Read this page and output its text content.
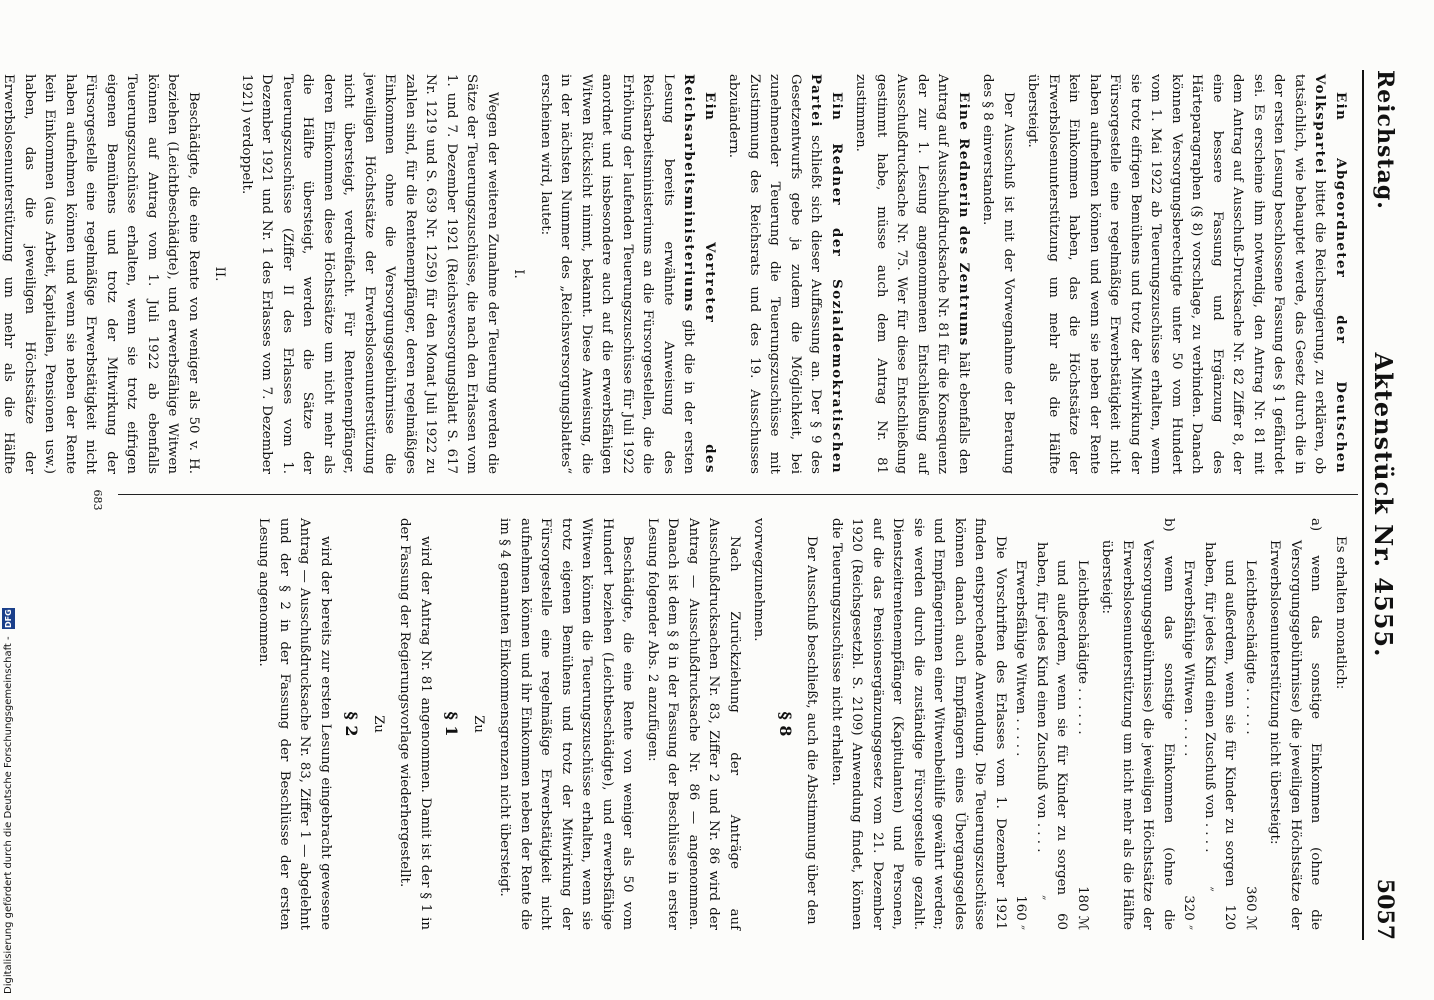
Reichstag.
Aktenstück Nr. 4555.
5057

Ein Abgeordneter der Deutschen Volkspartei bittet die Reichsregierung, zu erklären, ob tatsächlich, wie behauptet werde, das Gesetz durch die in der ersten Lesung beschlossene Fassung des § 1 gefährdet sei. Es erscheine ihm notwendig, den Antrag Nr. 81 mit dem Antrag auf Ausschuß-Drucksache Nr. 82 Ziffer 8, der eine bessere Fassung und Ergänzung des Härteparagraphen (§ 8) vorschlage, zu verbinden. Danach können Versorgungsberechtigte unter 50 vom Hundert vom 1. Mai 1922 ab Teuerungszuschüsse erhalten, wenn sie trotz eifrigen Bemühens und trotz der Mitwirkung der Fürsorgestelle eine regelmäßige Erwerbstätigkeit nicht haben aufnehmen können und wenn sie neben der Rente kein Einkommen haben, das die Höchstsätze der Erwerbslosenunterstützung um mehr als die Hälfte übersteigt.

Der Ausschuß ist mit der Vorwegnahme der Beratung des § 8 einverstanden.

Eine Rednerin des Zentrums hält ebenfalls den Antrag auf Ausschußdrucksache Nr. 81 für die Konsequenz der zur 1. Lesung angenommenen Entschließung auf Ausschußdrucksache Nr. 75. Wer für diese Entschließung gestimmt habe, müsse auch dem Antrag Nr. 81 zustimmen.

Ein Redner der Sozialdemokratischen Partei schließt sich dieser Auffassung an. Der § 9 des Gesetzentwurfs gebe ja zudem die Möglichkeit, bei zunehmender Teuerung die Teuerungszuschüsse mit Zustimmung des Reichsrats und des 19. Ausschusses abzuändern.

Ein Vertreter des Reichsarbeitsministeriums gibt die in der ersten Lesung bereits erwähnte Anweisung des Reichsarbeitsministeriums an die Fürsorgestellen, die die Erhöhung der laufenden Teuerungszuschüsse für Juli 1922 anordnet und insbesondere auch auf die erwerbsfähigen Witwen Rücksicht nimmt, bekannt. Diese Anweisung, die in der nächsten Nummer des „Reichsversorgungsblattes“ erscheinen wird, lautet:

I.

Wegen der weiteren Zunahme der Teuerung werden die Sätze der Teuerungszuschüsse, die nach den Erlassen vom 1. und 7. Dezember 1921 (Reichsversorgungsblatt S. 617 Nr. 1219 und S. 639 Nr. 1259) für den Monat Juli 1922 zu zahlen sind, für die Rentenempfänger, deren regelmäßiges Einkommen ohne die Versorgungsgebührnisse die jeweiligen Höchstsätze der Erwerbslosenunterstützung nicht übersteigt, verdreifacht. Für Rentenempfänger, deren Einkommen diese Höchstsätze um nicht mehr als die Hälfte übersteigt, werden die Sätze der Teuerungszuschüsse (Ziffer II des Erlasses vom 1. Dezember 1921 und Nr. 1 des Erlasses vom 7. Dezember 1921) verdoppelt.

II.

Beschädigte, die eine Rente von weniger als 50 v. H. beziehen (Leichtbeschädigte), und erwerbsfähige Witwen können auf Antrag vom 1. Juli 1922 ab ebenfalls Teuerungszuschüsse erhalten, wenn sie trotz eifrigen eigenen Bemühens und trotz der Mitwirkung der Fürsorgestelle eine regelmäßige Erwerbstätigkeit nicht haben aufnehmen können und wenn sie neben der Rente kein Einkommen (aus Arbeit, Kapitalien, Pensionen usw.) haben, das die jeweiligen Höchstsätze der Erwerbslosenunterstützung um mehr als die Hälfte

Es erhalten monatlich:

a) wenn das sonstige Einkommen (ohne die Versorgungsgebührnisse) die jeweiligen Höchstsätze der Erwerbslosenunterstützung nicht übersteigt:

Leichtbeschädigte . . . . . .
360 ℳ

und außerdem, wenn sie für Kinder zu sorgen haben, für jedes Kind einen Zuschuß von . . . .
120 ״

Erwerbsfähige Witwen . . . . .
320 ״

b) wenn das sonstige Einkommen (ohne die Versorgungsgebührnisse) die jeweiligen Höchstsätze der Erwerbslosenunterstützung um nicht mehr als die Hälfte übersteigt:

Leichtbeschädigte . . . . . .
180 ℳ

und außerdem, wenn sie für Kinder zu sorgen haben, für jedes Kind einen Zuschuß von . . . .
60 ״

Erwerbsfähige Witwen . . . . .
160 ״

Die Vorschriften des Erlasses vom 1. Dezember 1921 finden entsprechende Anwendung. Die Teuerungszuschüsse können danach auch Empfängern eines Übergangsgeldes und Empfängerinnen einer Witwenbeihilfe gewährt werden; sie werden durch die zuständige Fürsorgestelle gezahlt. Dienstzeitrentenempfänger (Kapitulanten) und Personen, auf die das Pensionsergänzungsgesetz vom 21. Dezember 1920 (Reichsgesetzbl. S. 2109) Anwendung findet, können die Teuerungszuschüsse nicht erhalten.

Der Ausschuß beschließt, auch die Abstimmung über den

§ 8

vorwegzunehmen.

Nach Zurückziehung der Anträge auf Ausschußdrucksachen Nr. 83, Ziffer 2 und Nr. 86 wird der Antrag — Ausschußdrucksache Nr. 86 — angenommen. Danach ist dem § 8 in der Fassung der Beschlüsse in erster Lesung folgender Abs. 2 anzufügen:

Beschädigte, die eine Rente von weniger als 50 vom Hundert beziehen (Leichtbeschädigte), und erwerbsfähige Witwen können die Teuerungszuschüsse erhalten, wenn sie trotz eigenen Bemühens und trotz der Mitwirkung der Fürsorgestelle eine regelmäßige Erwerbstätigkeit nicht aufnehmen können und ihr Einkommen neben der Rente die im § 4 genannten Einkommensgrenzen nicht übersteigt.

Zu

§ 1

wird der Antrag Nr. 81 angenommen. Damit ist der § 1 in der Fassung der Regierungsvorlage wiederhergestellt.

Zu

§ 2

wird der bereits zur ersten Lesung eingebracht gewesene Antrag — Ausschußdrucksache Nr. 83, Ziffer 1 — abgelehnt und der § 2 in der Fassung der Beschlüsse der ersten Lesung angenommen.

683
Digitalisierung gefördert durch die Deutsche Forschungsgemeinschaft - DFG
